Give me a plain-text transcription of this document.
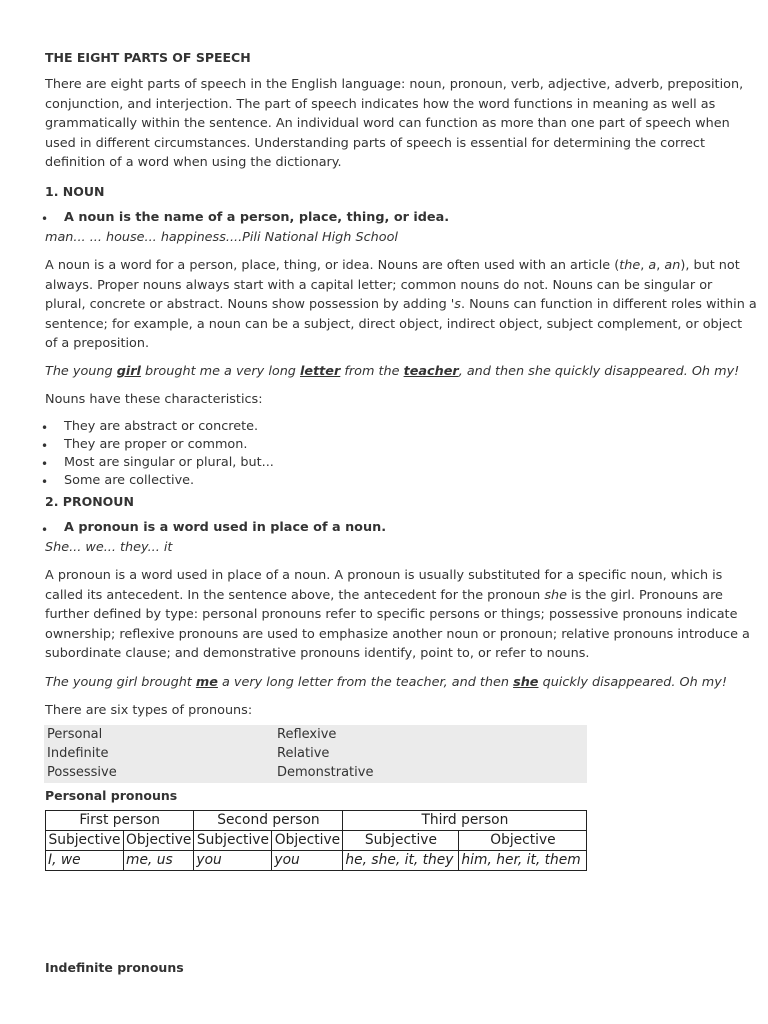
THE EIGHT PARTS OF SPEECH
There are eight parts of speech in the English language: noun, pronoun, verb, adjective, adverb, preposition,
conjunction, and interjection. The part of speech indicates how the word functions in meaning as well as
grammatically within the sentence. An individual word can function as more than one part of speech when
used in different circumstances. Understanding parts of speech is essential for determining the correct
definition of a word when using the dictionary.
1. NOUN
• A noun is the name of a person, place, thing, or idea.
man... ... house... happiness....Pili National High School
A noun is a word for a person, place, thing, or idea. Nouns are often used with an article (the, a, an), but not
always. Proper nouns always start with a capital letter; common nouns do not. Nouns can be singular or
plural, concrete or abstract. Nouns show possession by adding 's. Nouns can function in different roles within a
sentence; for example, a noun can be a subject, direct object, indirect object, subject complement, or object
of a preposition.
The young girl brought me a very long letter from the teacher, and then she quickly disappeared. Oh my!
Nouns have these characteristics:
• They are abstract or concrete.
• They are proper or common.
• Most are singular or plural, but...
• Some are collective.
2. PRONOUN
• A pronoun is a word used in place of a noun.
She... we... they... it
A pronoun is a word used in place of a noun. A pronoun is usually substituted for a specific noun, which is
called its antecedent. In the sentence above, the antecedent for the pronoun she is the girl. Pronouns are
further defined by type: personal pronouns refer to specific persons or things; possessive pronouns indicate
ownership; reflexive pronouns are used to emphasize another noun or pronoun; relative pronouns introduce a
subordinate clause; and demonstrative pronouns identify, point to, or refer to nouns.
The young girl brought me a very long letter from the teacher, and then she quickly disappeared. Oh my!
There are six types of pronouns:
Personal	Reflexive
Indefinite	Relative
Possessive	Demonstrative
Personal pronouns
First person		Second person		Third person	
Subjective	Objective	Subjective	Objective	Subjective	Objective
I, we	me, us	you	you	he, she, it, they	him, her, it, them
Indefinite pronouns
